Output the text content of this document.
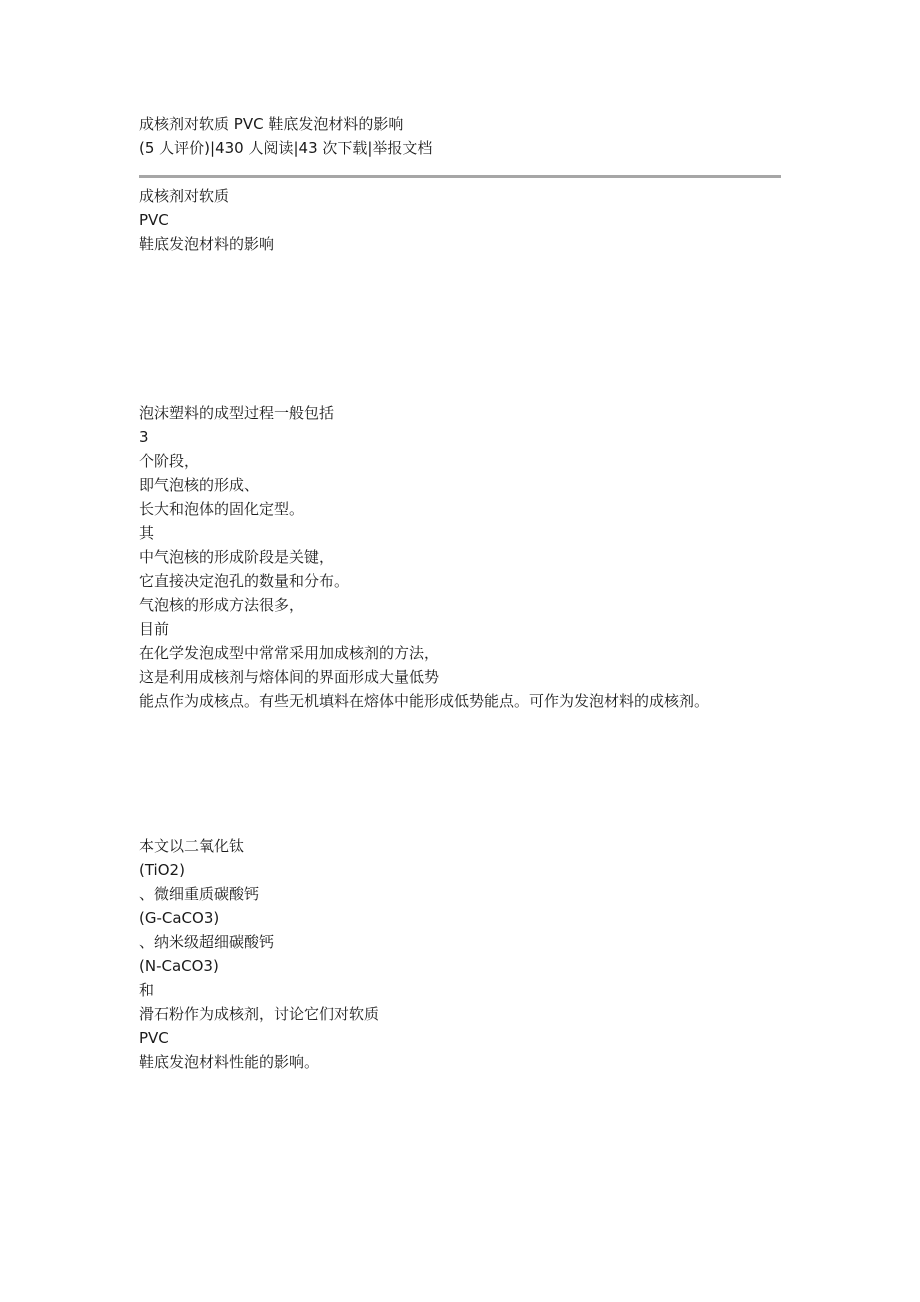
成核剂对软质 PVC 鞋底发泡材料的影响
(5 人评价)|430 人阅读|43 次下载|举报文档
成核剂对软质
PVC
鞋底发泡材料的影响
泡沫塑料的成型过程一般包括
3
个阶段，
即气泡核的形成、
长大和泡体的固化定型。
其
中气泡核的形成阶段是关键，
它直接决定泡孔的数量和分布。
气泡核的形成方法很多，
目前
在化学发泡成型中常常采用加成核剂的方法，
这是利用成核剂与熔体间的界面形成大量低势
能点作为成核点。有些无机填料在熔体中能形成低势能点。可作为发泡材料的成核剂。
本文以二氧化钛
(TiO2)
、微细重质碳酸钙
(G-CaCO3)
、纳米级超细碳酸钙
(N-CaCO3)
和
滑石粉作为成核剂，讨论它们对软质
PVC
鞋底发泡材料性能的影响。
